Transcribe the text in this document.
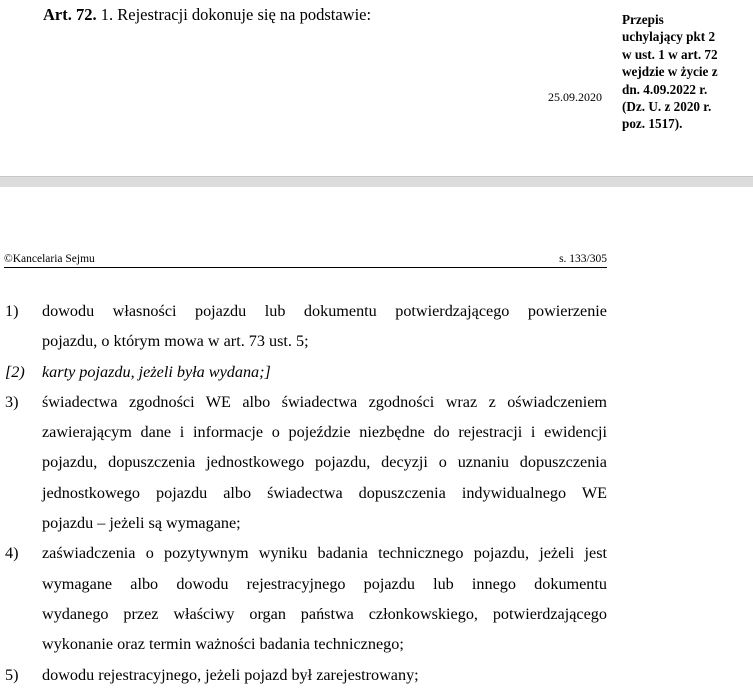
Art. 72. 1. Rejestracji dokonuje się na podstawie:
25.09.2020
Przepis
uchylający pkt 2
w ust. 1 w art. 72
wejdzie w życie z
dn. 4.09.2022 r.
(Dz. U. z 2020 r.
poz. 1517).
©Kancelaria Sejmu	s. 133/305
1) dowodu własności pojazdu lub dokumentu potwierdzającego powierzenie
pojazdu, o którym mowa w art. 73 ust. 5;
[2) karty pojazdu, jeżeli była wydana;]
3) świadectwa zgodności WE albo świadectwa zgodności wraz z oświadczeniem
zawierającym dane i informacje o pojeździe niezbędne do rejestracji i ewidencji
pojazdu, dopuszczenia jednostkowego pojazdu, decyzji o uznaniu dopuszczenia
jednostkowego pojazdu albo świadectwa dopuszczenia indywidualnego WE
pojazdu – jeżeli są wymagane;
4) zaświadczenia o pozytywnym wyniku badania technicznego pojazdu, jeżeli jest
wymagane albo dowodu rejestracyjnego pojazdu lub innego dokumentu
wydanego przez właściwy organ państwa członkowskiego, potwierdzającego
wykonanie oraz termin ważności badania technicznego;
5) dowodu rejestracyjnego, jeżeli pojazd był zarejestrowany;
